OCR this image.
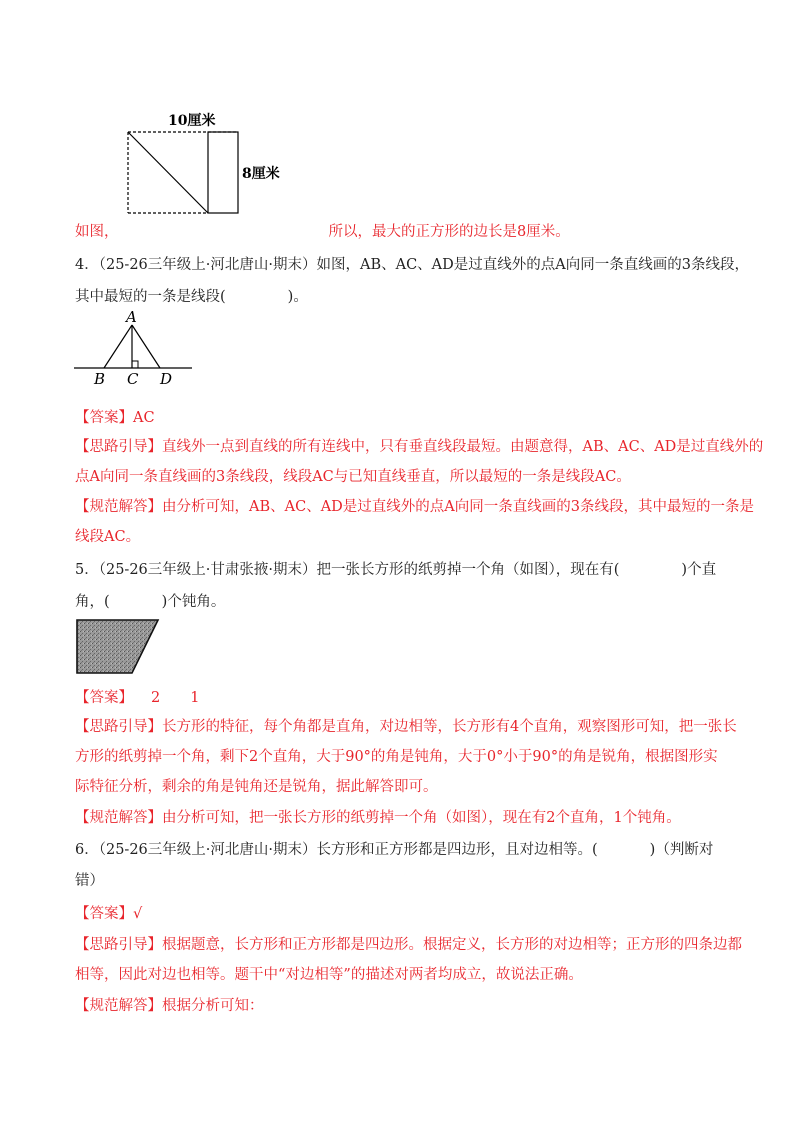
10厘米
8厘米
如图，	所以，最大的正方形的边长是8厘米。
4．（25-26三年级上·河北唐山·期末）如图，AB、AC、AD是过直线外的点A向同一条直线画的3条线段，
其中最短的一条是线段(	)。
A
B C D
【答案】AC
【思路引导】直线外一点到直线的所有连线中，只有垂直线段最短。由题意得，AB、AC、AD是过直线外的
点A向同一条直线画的3条线段，线段AC与已知直线垂直，所以最短的一条是线段AC。
【规范解答】由分析可知，AB、AC、AD是过直线外的点A向同一条直线画的3条线段，其中最短的一条是
线段AC。
5．（25-26三年级上·甘肃张掖·期末）把一张长方形的纸剪掉一个角（如图），现在有(	)个直
角，(	)个钝角。
【答案】 2 1
【思路引导】长方形的特征，每个角都是直角，对边相等，长方形有4个直角，观察图形可知，把一张长
方形的纸剪掉一个角，剩下2个直角，大于90°的角是钝角，大于0°小于90°的角是锐角，根据图形实
际特征分析，剩余的角是钝角还是锐角，据此解答即可。
【规范解答】由分析可知，把一张长方形的纸剪掉一个角（如图），现在有2个直角，1个钝角。
6．（25-26三年级上·河北唐山·期末）长方形和正方形都是四边形，且对边相等。(	)（判断对
错）
【答案】√
【思路引导】根据题意，长方形和正方形都是四边形。根据定义，长方形的对边相等；正方形的四条边都
相等，因此对边也相等。题干中“对边相等”的描述对两者均成立，故说法正确。
【规范解答】根据分析可知：
